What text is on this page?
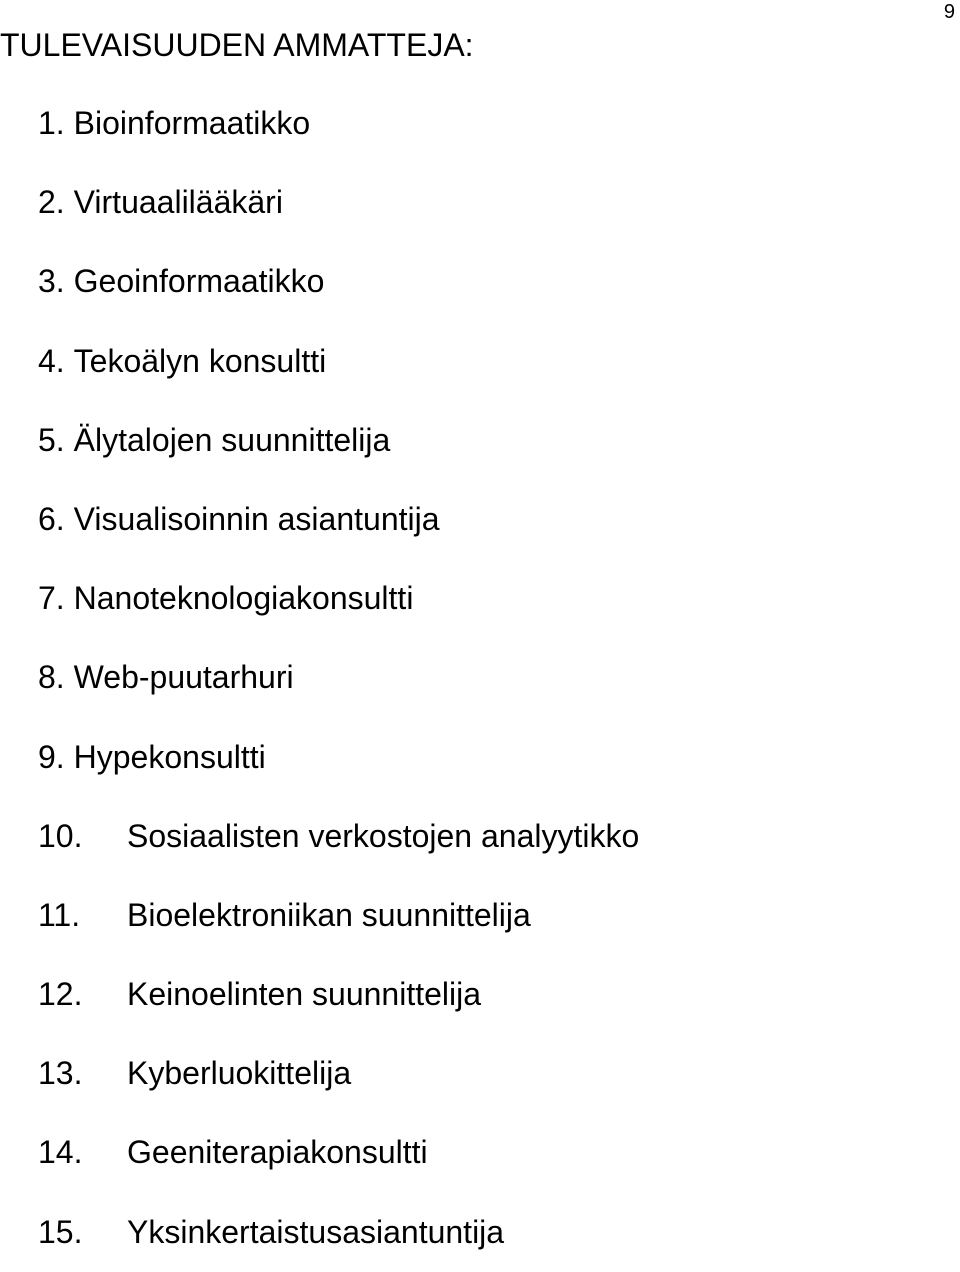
9
TULEVAISUUDEN AMMATTEJA:
1. Bioinformaatikko
2. Virtuaalilääkäri
3. Geoinformaatikko
4. Tekoälyn konsultti
5. Älytalojen suunnittelija
6. Visualisoinnin asiantuntija
7. Nanoteknologiakonsultti
8. Web-puutarhuri
9. Hypekonsultti
10.	Sosiaalisten verkostojen analyytikko
11.	Bioelektroniikan suunnittelija
12.	Keinoelinten suunnittelija
13.	Kyberluokittelija
14.	Geeniterapiakonsultti
15.	Yksinkertaistusasiantuntija
